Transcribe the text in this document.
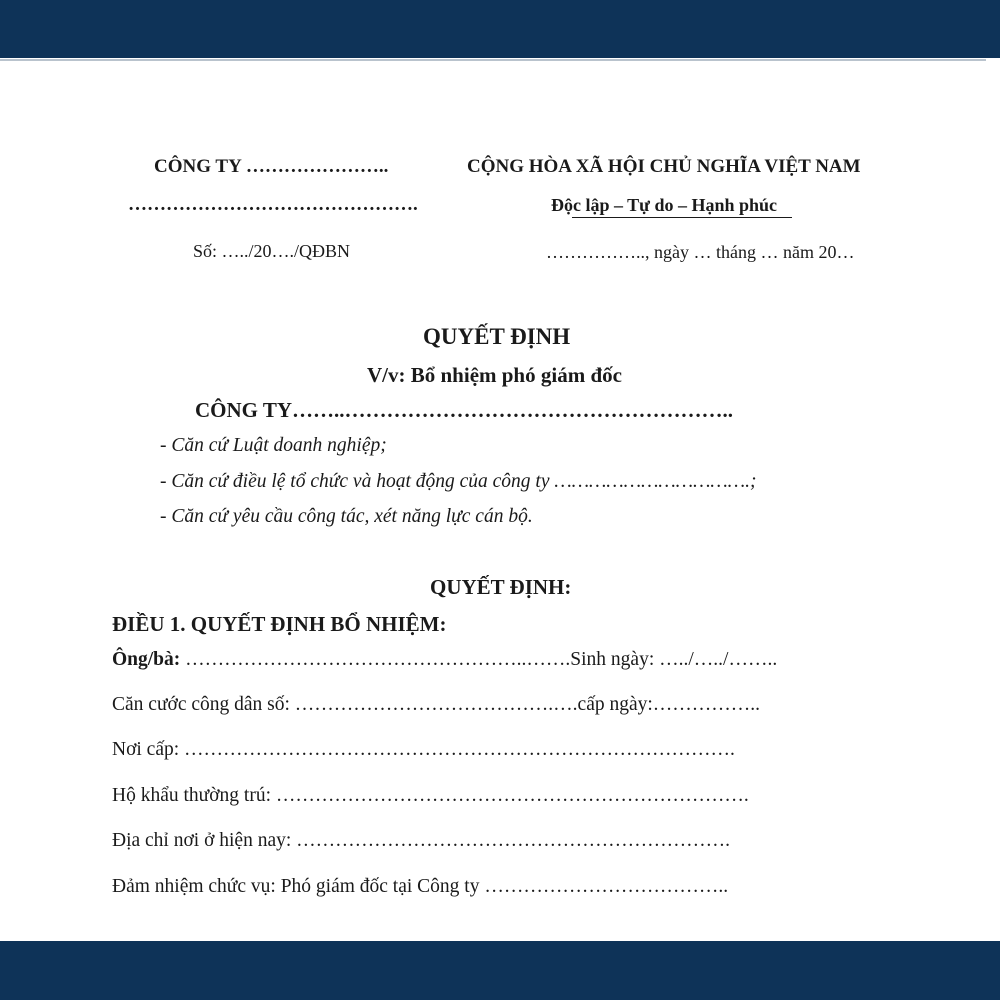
CÔNG TY …………………..

……………………………………….

Số: …../20…./QĐBN

CỘNG HÒA XÃ HỘI CHỦ NGHĨA VIỆT NAM

Độc lập – Tự do – Hạnh phúc

…………….., ngày … tháng … năm 20…

QUYẾT ĐỊNH

V/v: Bổ nhiệm phó giám đốc

CÔNG TY……..………………………………………………..

- Căn cứ Luật doanh nghiệp;

- Căn cứ điều lệ tổ chức và hoạt động của công ty …………………………….;

- Căn cứ yêu cầu công tác, xét năng lực cán bộ.

QUYẾT ĐỊNH:

ĐIỀU 1. QUYẾT ĐỊNH BỔ NHIỆM:

Ông/bà: ……………………………………………..…….Sinh ngày: …../…../……..

Căn cước công dân số: ………………………………….….cấp ngày:……………..

Nơi cấp: ………………………………………………………………………….

Hộ khẩu thường trú: ……………………………………………………………….

Địa chỉ nơi ở hiện nay: ………………………………………………………….

Đảm nhiệm chức vụ: Phó giám đốc tại Công ty ………………………………..
